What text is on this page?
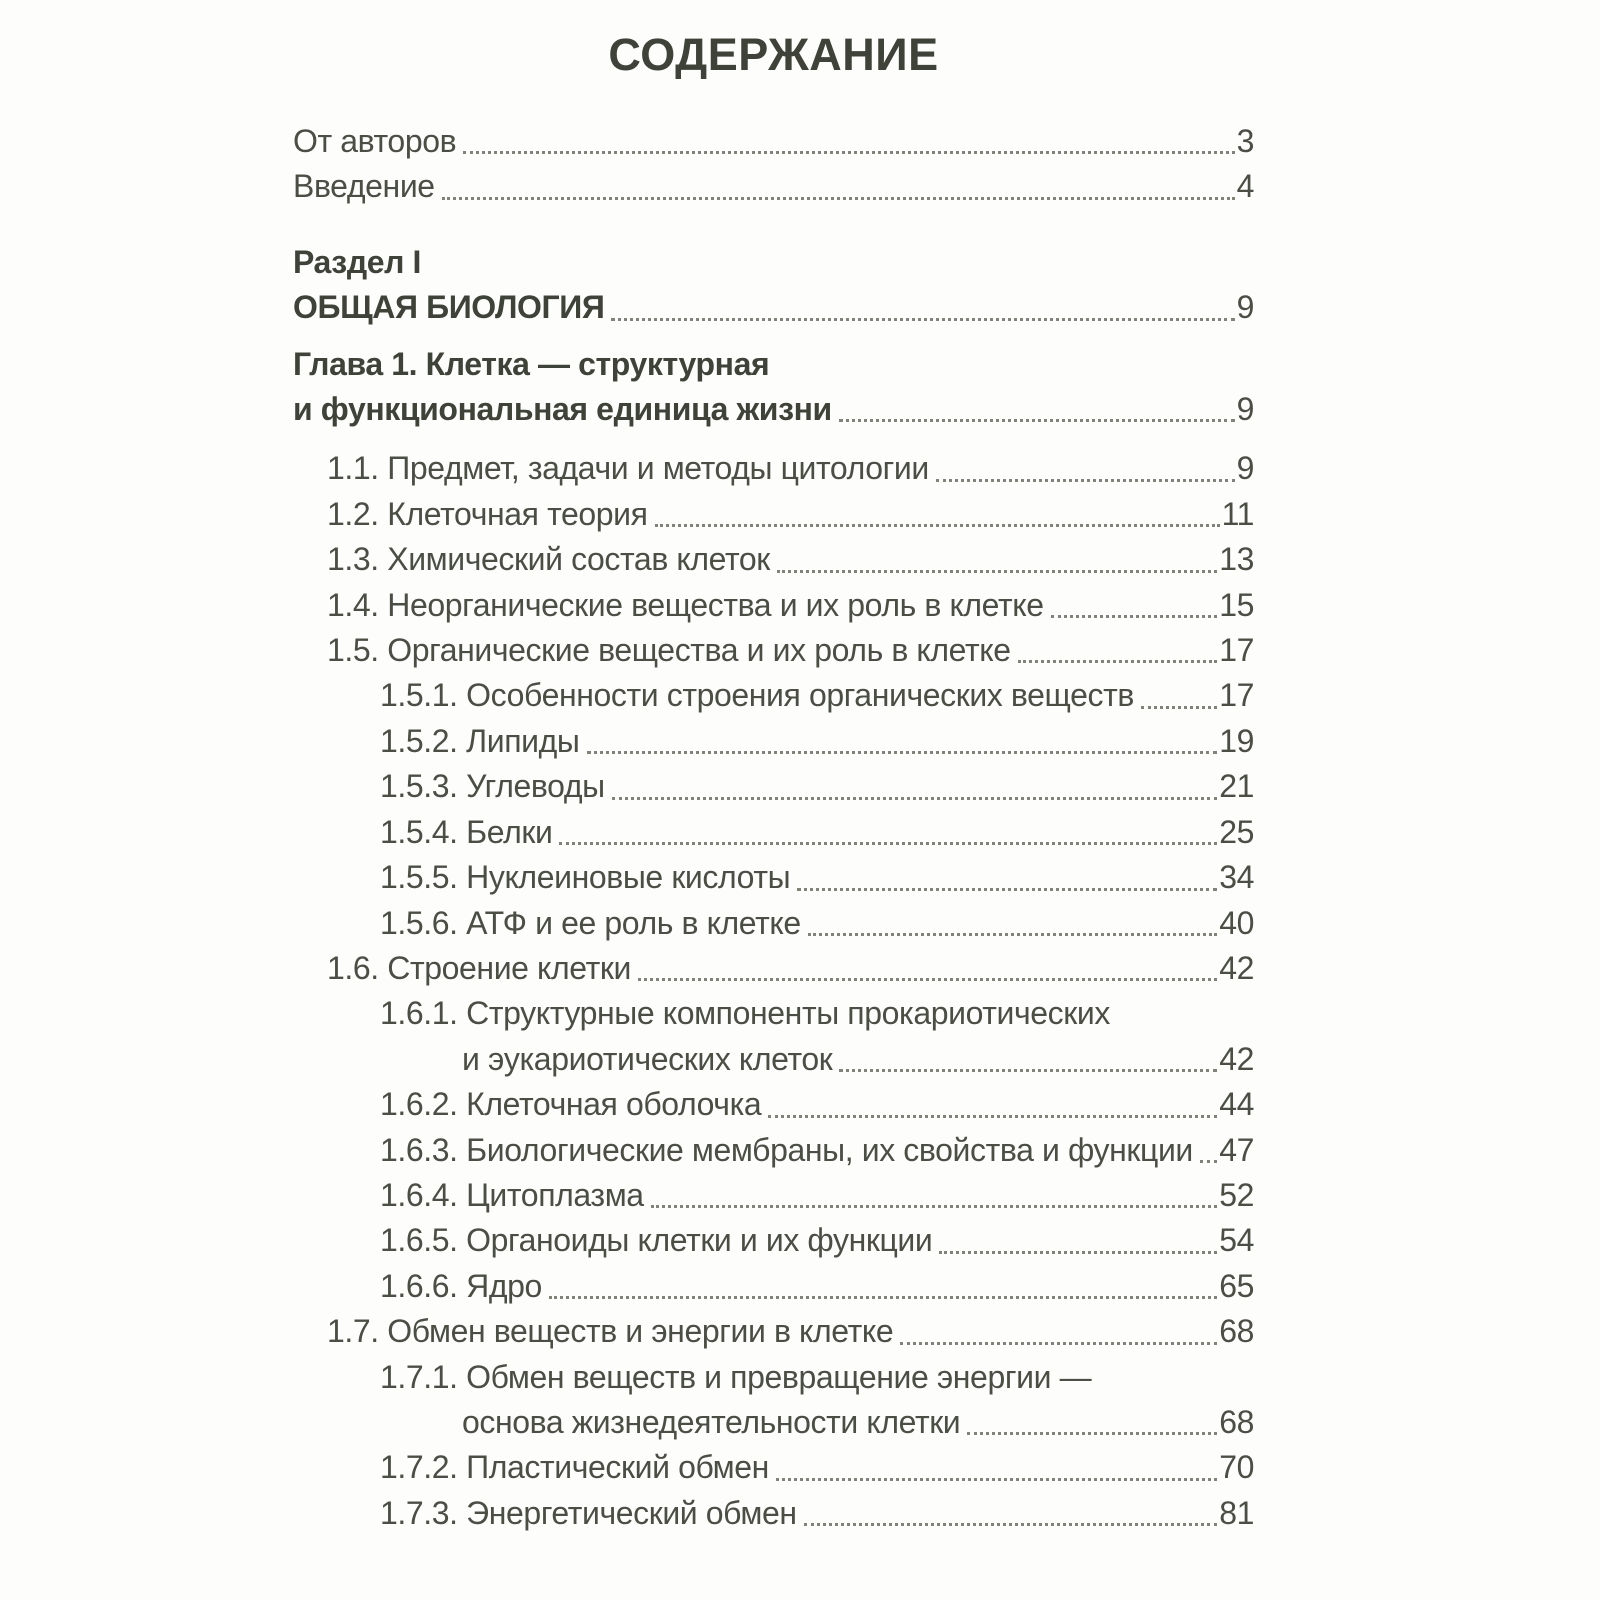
СОДЕРЖАНИЕ
От авторов	3
Введение	4
Раздел I
ОБЩАЯ БИОЛОГИЯ	9
Глава 1. Клетка — структурная
и функциональная единица жизни	9
1.1. Предмет, задачи и методы цитологии	9
1.2. Клеточная теория	11
1.3. Химический состав клеток	13
1.4. Неорганические вещества и их роль в клетке	15
1.5. Органические вещества и их роль в клетке	17
1.5.1. Особенности строения органических веществ	17
1.5.2. Липиды	19
1.5.3. Углеводы	21
1.5.4. Белки	25
1.5.5. Нуклеиновые кислоты	34
1.5.6. АТФ и ее роль в клетке	40
1.6. Строение клетки	42
1.6.1. Структурные компоненты прокариотических
и эукариотических клеток	42
1.6.2. Клеточная оболочка	44
1.6.3. Биологические мембраны, их свойства и функции 47
1.6.4. Цитоплазма	52
1.6.5. Органоиды клетки и их функции	54
1.6.6. Ядро	65
1.7. Обмен веществ и энергии в клетке	68
1.7.1. Обмен веществ и превращение энергии —
основа жизнедеятельности клетки	68
1.7.2. Пластический обмен	70
1.7.3. Энергетический обмен	81
